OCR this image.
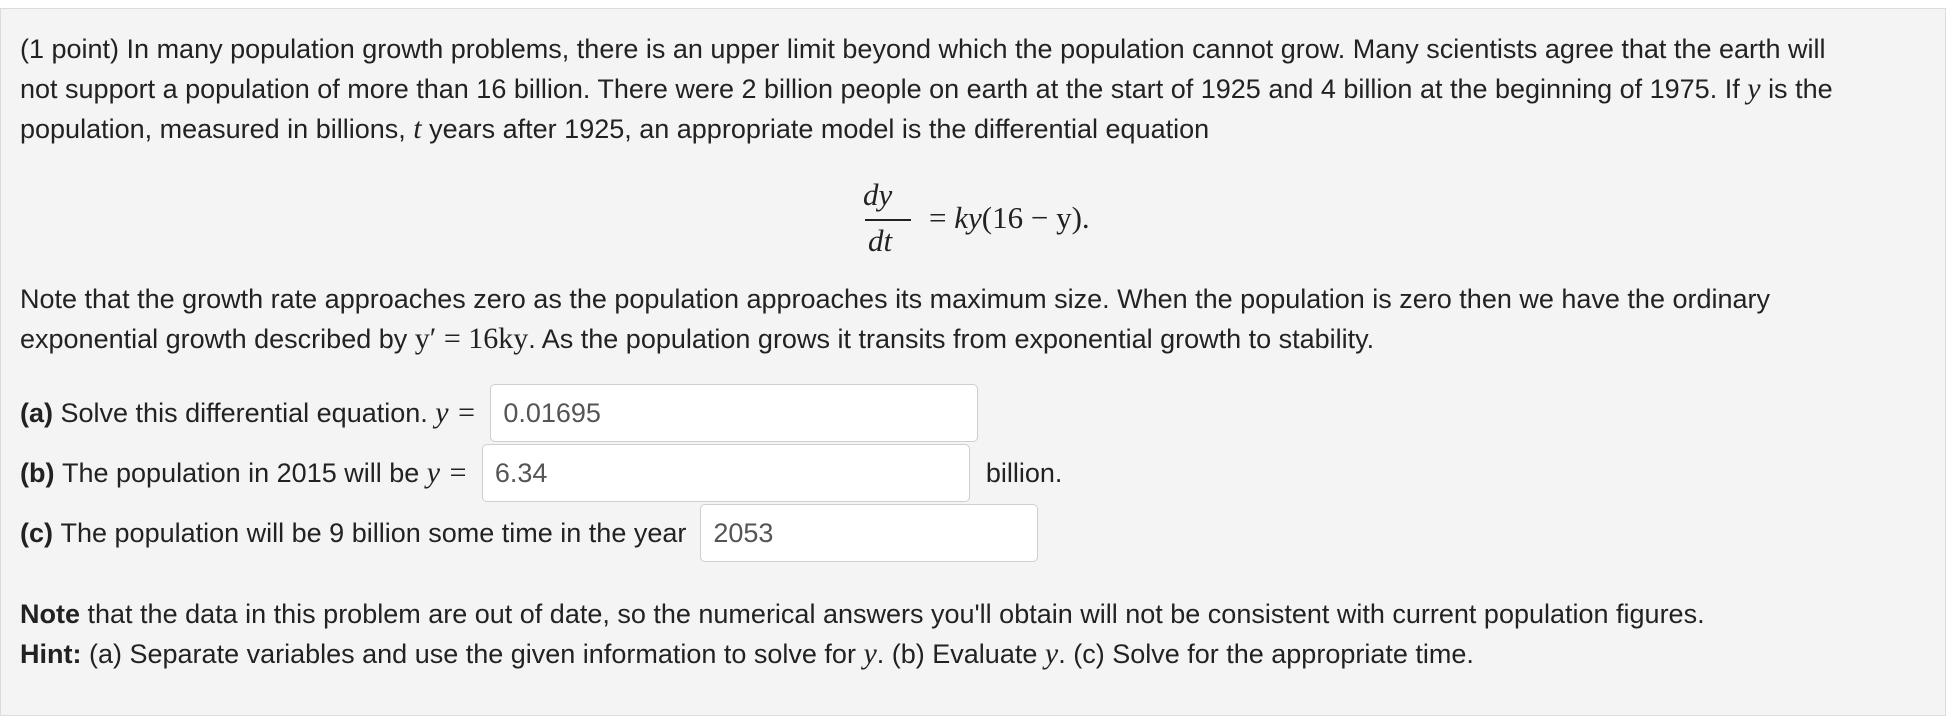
(1 point) In many population growth problems, there is an upper limit beyond which the population cannot grow. Many scientists agree that the earth will
not support a population of more than 16 billion. There were 2 billion people on earth at the start of 1925 and 4 billion at the beginning of 1975. If y is the
population, measured in billions, t years after 1925, an appropriate model is the differential equation
dy
dt
= ky(16 − y).
Note that the growth rate approaches zero as the population approaches its maximum size. When the population is zero then we have the ordinary
exponential growth described by y′ = 16ky. As the population grows it transits from exponential growth to stability.
(a)
Solve this differential equation.
y =	0.01695
(b)
The population in 2015 will be
y =	6.34	billion.
(c)
The population will be 9 billion some time in the year	2053
Note that the data in this problem are out of date, so the numerical answers you'll obtain will not be consistent with current population figures.
Hint: (a) Separate variables and use the given information to solve for y. (b) Evaluate y. (c) Solve for the appropriate time.
